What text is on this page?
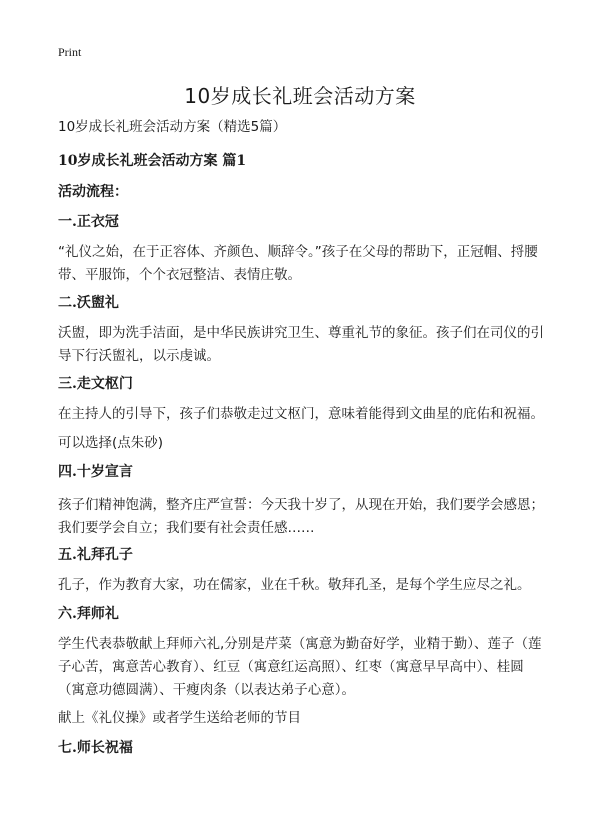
Print
10岁成长礼班会活动方案
10岁成长礼班会活动方案（精选5篇）
10岁成长礼班会活动方案 篇1
活动流程：
一.正衣冠
“礼仪之始，在于正容体、齐颜色、顺辞令。”孩子在父母的帮助下，正冠帽、捋腰带、平服饰，个个衣冠整洁、表情庄敬。
二.沃盥礼
沃盥，即为洗手洁面，是中华民族讲究卫生、尊重礼节的象征。孩子们在司仪的引导下行沃盥礼，以示虔诚。
三.走文枢门
在主持人的引导下，孩子们恭敬走过文枢门，意味着能得到文曲星的庇佑和祝福。
可以选择(点朱砂)
四.十岁宣言
孩子们精神饱满，整齐庄严宣誓：今天我十岁了，从现在开始，我们要学会感恩；我们要学会自立；我们要有社会责任感……
五.礼拜孔子
孔子，作为教育大家，功在儒家，业在千秋。敬拜孔圣，是每个学生应尽之礼。
六.拜师礼
学生代表恭敬献上拜师六礼,分别是芹菜（寓意为勤奋好学，业精于勤）、莲子（莲子心苦，寓意苦心教育）、红豆（寓意红运高照）、红枣（寓意早早高中）、桂圆（寓意功德圆满）、干瘦肉条（以表达弟子心意）。
献上《礼仪操》或者学生送给老师的节目
七.师长祝福
